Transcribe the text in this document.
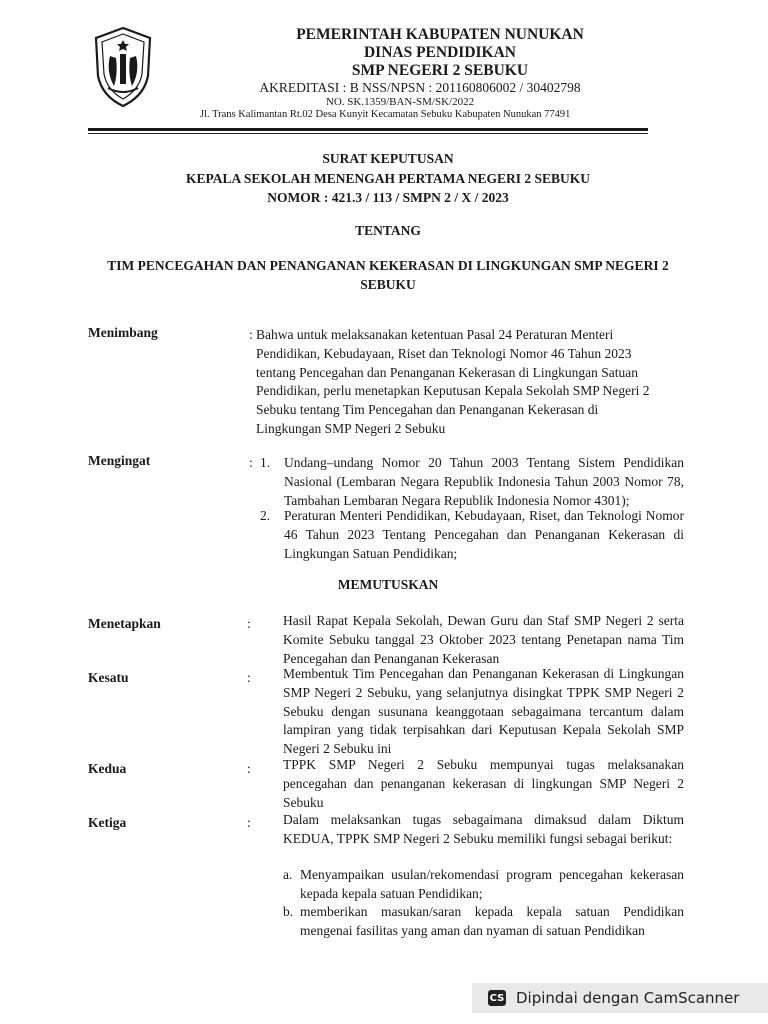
PEMERINTAH KABUPATEN NUNUKAN
DINAS PENDIDIKAN
SMP NEGERI 2 SEBUKU
AKREDITASI : B NSS/NPSN : 201160806002 / 30402798
NO. SK.1359/BAN-SM/SK/2022
Jl. Trans Kalimantan Rt.02 Desa Kunyit Kecamatan Sebuku Kabupaten Nunukan 77491
SURAT KEPUTUSAN
KEPALA SEKOLAH MENENGAH PERTAMA NEGERI 2 SEBUKU
NOMOR : 421.3 / 113 / SMPN 2 / X / 2023
TENTANG
TIM PENCEGAHAN DAN PENANGANAN KEKERASAN DI LINGKUNGAN SMP NEGERI 2
SEBUKU
Menimbang	: Bahwa untuk melaksanakan ketentuan Pasal 24 Peraturan Menteri Pendidikan, Kebudayaan, Riset dan Teknologi Nomor 46 Tahun 2023 tentang Pencegahan dan Penanganan Kekerasan di Lingkungan Satuan Pendidikan, perlu menetapkan Keputusan Kepala Sekolah SMP Negeri 2 Sebuku tentang Tim Pencegahan dan Penanganan Kekerasan di Lingkungan SMP Negeri 2 Sebuku
Mengingat	: 1. Undang–undang Nomor 20 Tahun 2003 Tentang Sistem Pendidikan Nasional (Lembaran Negara Republik Indonesia Tahun 2003 Nomor 78, Tambahan Lembaran Negara Republik Indonesia Nomor 4301);
2. Peraturan Menteri Pendidikan, Kebudayaan, Riset, dan Teknologi Nomor 46 Tahun 2023 Tentang Pencegahan dan Penanganan Kekerasan di Lingkungan Satuan Pendidikan;
MEMUTUSKAN
Menetapkan	: Hasil Rapat Kepala Sekolah, Dewan Guru dan Staf SMP Negeri 2 serta Komite Sebuku tanggal 23 Oktober 2023 tentang Penetapan nama Tim Pencegahan dan Penanganan Kekerasan
Kesatu	: Membentuk Tim Pencegahan dan Penanganan Kekerasan di Lingkungan SMP Negeri 2 Sebuku, yang selanjutnya disingkat TPPK SMP Negeri 2 Sebuku dengan susunana keanggotaan sebagaimana tercantum dalam lampiran yang tidak terpisahkan dari Keputusan Kepala Sekolah SMP Negeri 2 Sebuku ini
Kedua	: TPPK SMP Negeri 2 Sebuku mempunyai tugas melaksanakan pencegahan dan penanganan kekerasan di lingkungan SMP Negeri 2 Sebuku
Ketiga	: Dalam melaksankan tugas sebagaimana dimaksud dalam Diktum KEDUA, TPPK SMP Negeri 2 Sebuku memiliki fungsi sebagai berikut:
a. Menyampaikan usulan/rekomendasi program pencegahan kekerasan kepada kepala satuan Pendidikan;
b. memberikan masukan/saran kepada kepala satuan Pendidikan mengenai fasilitas yang aman dan nyaman di satuan Pendidikan
CS Dipindai dengan CamScanner
